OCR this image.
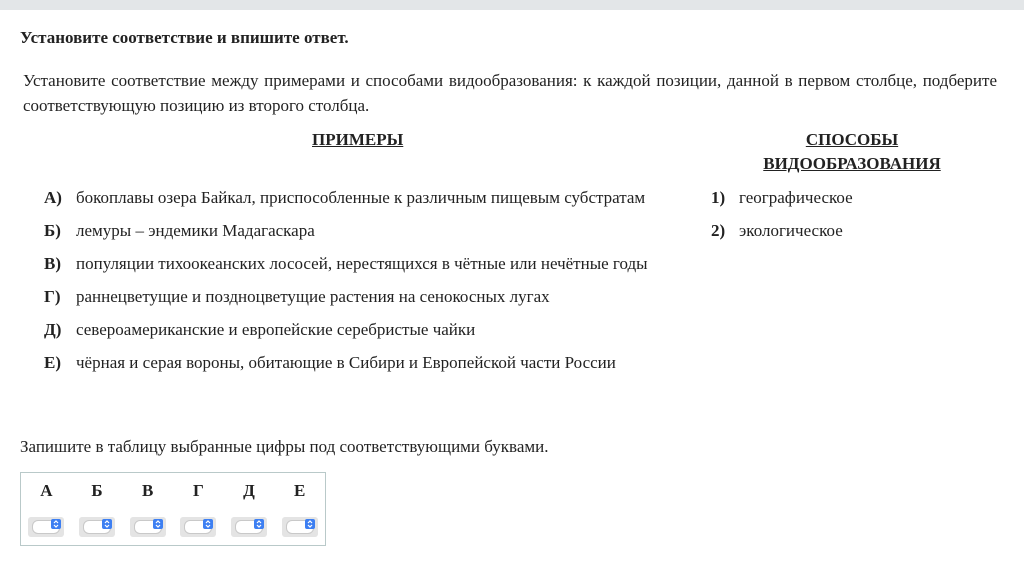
Установите соответствие и впишите ответ.
Установите соответствие между примерами и способами видообразования: к каждой позиции, данной в первом столбце, подберите соответствующую позицию из второго столбца.
ПРИМЕРЫ	СПОСОБЫ
ВИДООБРАЗОВАНИЯ
А) бокоплавы озера Байкал, приспособленные к различным пищевым субстратам
Б) лемуры – эндемики Мадагаскара
В) популяции тихоокеанских лососей, нерестящихся в чётные или нечётные годы
Г) раннецветущие и поздноцветущие растения на сенокосных лугах
Д) североамериканские и европейские серебристые чайки
Е) чёрная и серая вороны, обитающие в Сибири и Европейской части России
1) географическое
2) экологическое
Запишите в таблицу выбранные цифры под соответствующими буквами.
А	Б	В	Г	Д	Е
